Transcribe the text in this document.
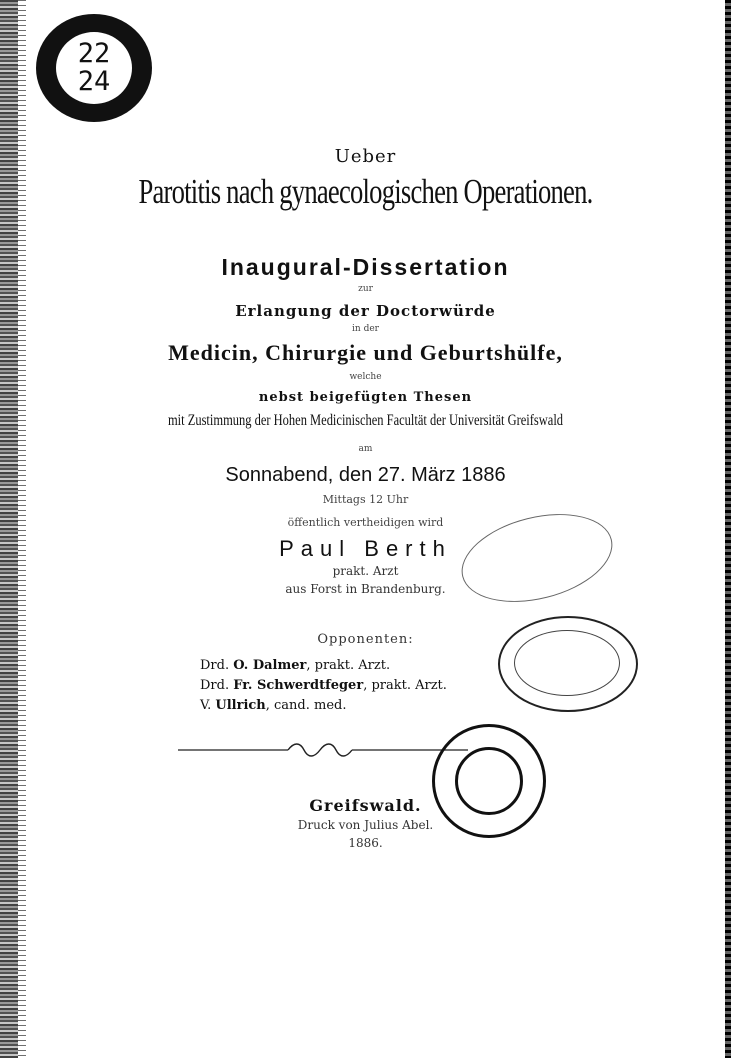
22
24
Ueber
Parotitis nach gynaecologischen Operationen.
Inaugural-Dissertation
zur
Erlangung der Doctorwürde
in der
Medicin, Chirurgie und Geburtshülfe,
welche
nebst beigefügten Thesen
mit Zustimmung der Hohen Medicinischen Facultät der Universität Greifswald
am
Sonnabend, den 27. März 1886
Mittags 12 Uhr
öffentlich vertheidigen wird
Paul Berth
prakt. Arzt
aus Forst in Brandenburg.
Opponenten:
Drd. O. Dalmer, prakt. Arzt.
Drd. Fr. Schwerdtfeger, prakt. Arzt.
V. Ullrich, cand. med.
Greifswald.
Druck von Julius Abel.
1886.
